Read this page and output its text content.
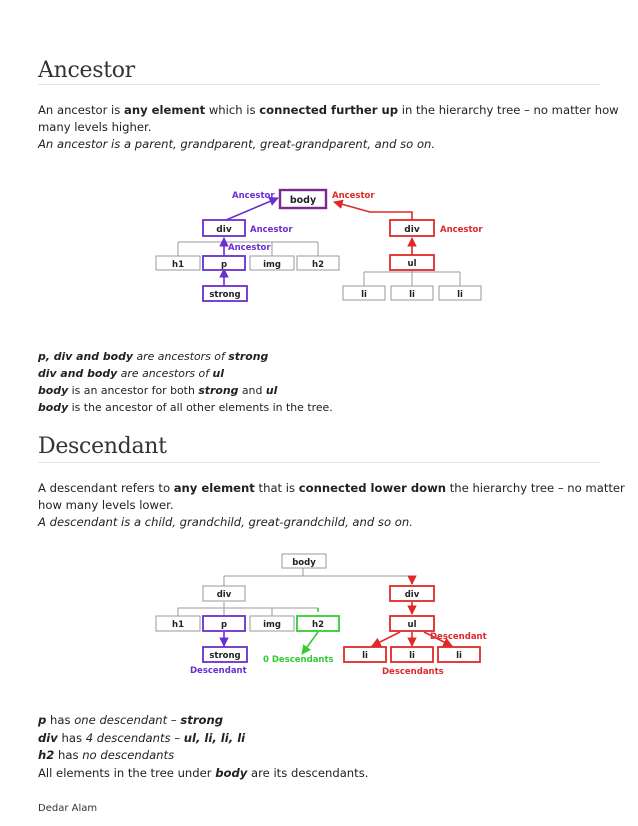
Ancestor
An ancestor is any element which is connected further up in the hierarchy tree – no matter how
many levels higher.
An ancestor is a parent, grandparent, great-grandparent, and so on.
body
div	div
h1	p	img	h2	ul
strong	li	li	li
Ancestor	Ancestor
Ancestor
Ancestor
Ancestor
p, div and body are ancestors of strong
div and body are ancestors of ul
body is an ancestor for both strong and ul
body is the ancestor of all other elements in the tree.
Descendant
A descendant refers to any element that is connected lower down the hierarchy tree – no matter
how many levels lower.
A descendant is a child, grandchild, great-grandchild, and so on.
body
div	div
h1	p	img	h2	ul
strong	li	li	li
Descendant
0 Descendants
Descendant
Descendants
p has one descendant – strong
div has 4 descendants – ul, li, li, li
h2 has no descendants
All elements in the tree under body are its descendants.
Dedar Alam
